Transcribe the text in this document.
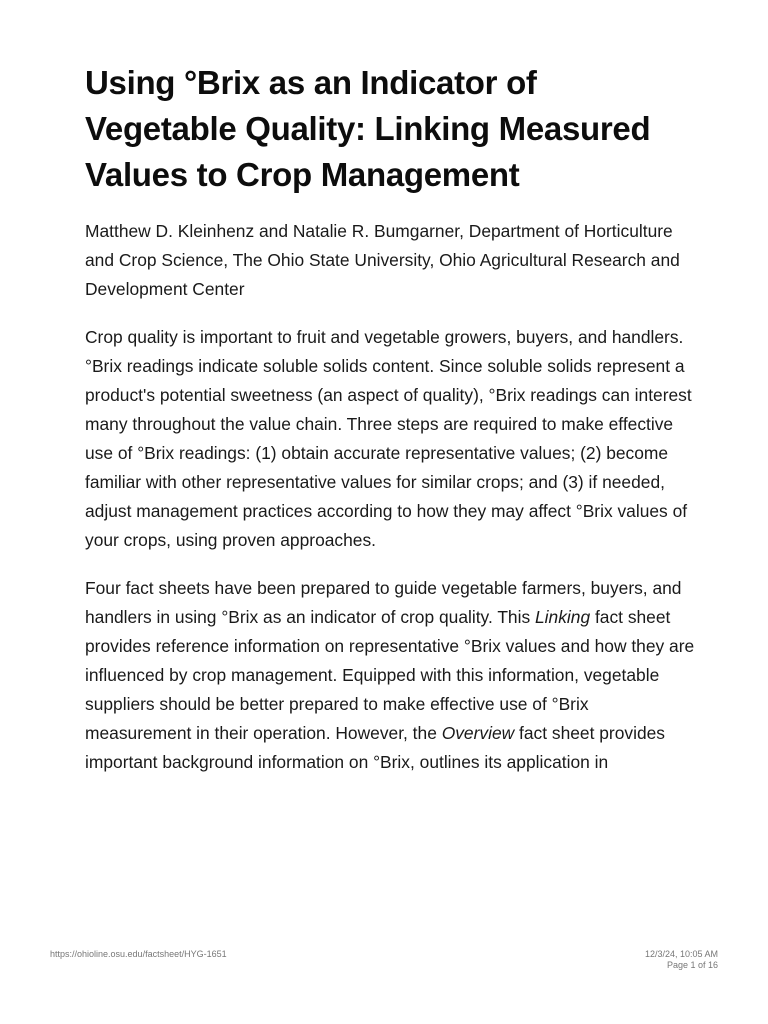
Using °Brix as an Indicator of Vegetable Quality: Linking Measured Values to Crop Management

Matthew D. Kleinhenz and Natalie R. Bumgarner, Department of Horticulture and Crop Science, The Ohio State University, Ohio Agricultural Research and Development Center

Crop quality is important to fruit and vegetable growers, buyers, and handlers. °Brix readings indicate soluble solids content. Since soluble solids represent a product's potential sweetness (an aspect of quality), °Brix readings can interest many throughout the value chain. Three steps are required to make effective use of °Brix readings: (1) obtain accurate representative values; (2) become familiar with other representative values for similar crops; and (3) if needed, adjust management practices according to how they may affect °Brix values of your crops, using proven approaches.

Four fact sheets have been prepared to guide vegetable farmers, buyers, and handlers in using °Brix as an indicator of crop quality. This Linking fact sheet provides reference information on representative °Brix values and how they are influenced by crop management. Equipped with this information, vegetable suppliers should be better prepared to make effective use of °Brix measurement in their operation. However, the Overview fact sheet provides important background information on °Brix, outlines its application in

https://ohioline.osu.edu/factsheet/HYG-1651	12/3/24, 10:05 AM
Page 1 of 16
